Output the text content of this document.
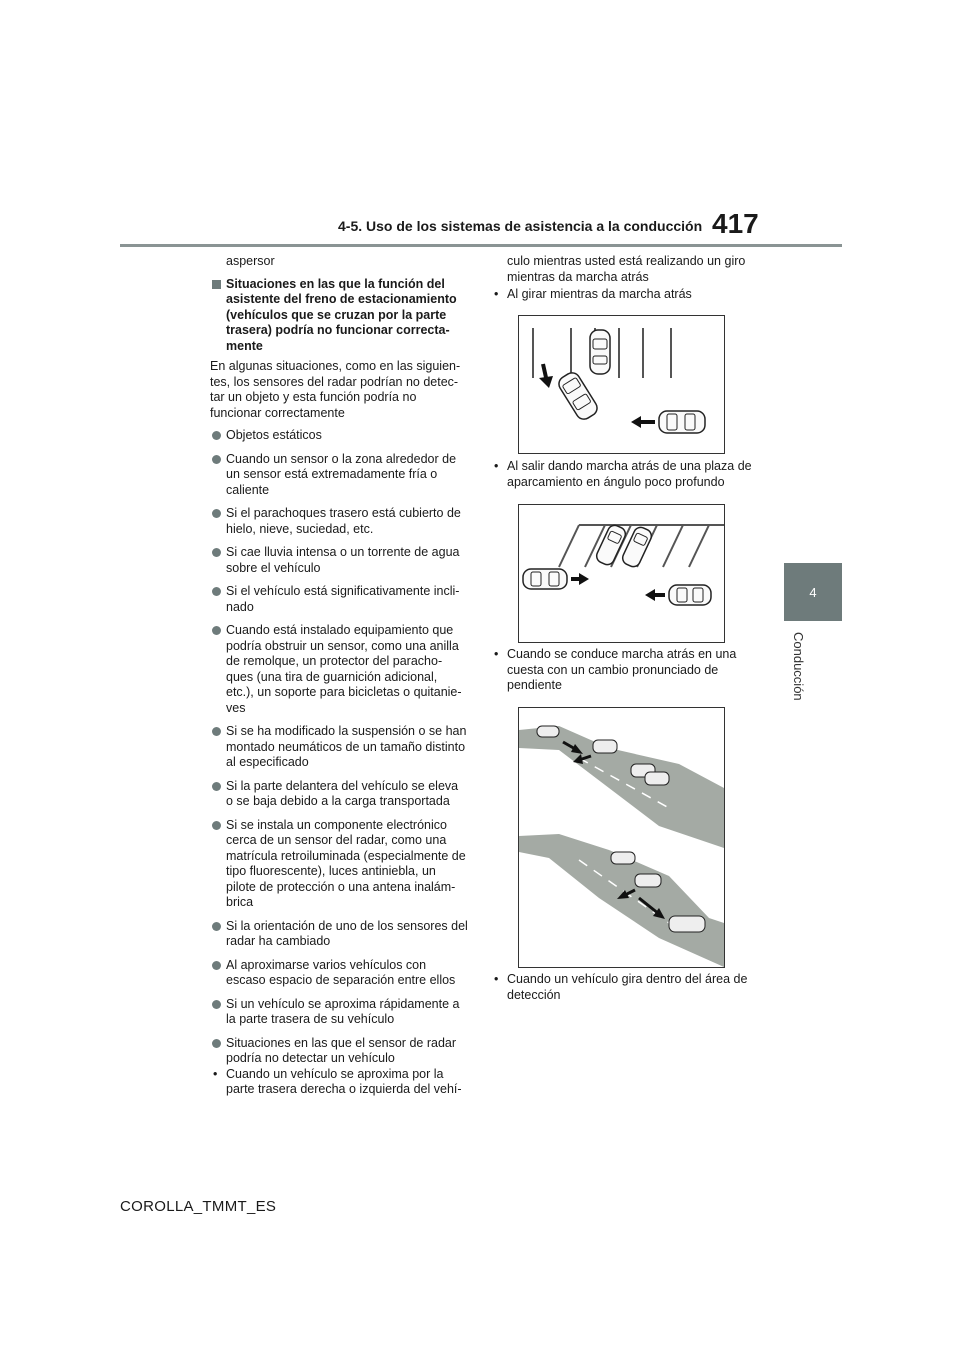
4-5. Uso de los sistemas de asistencia a la conducción 417
4
Conducción

aspersor

Situaciones en las que la función del asistente del freno de estacionamiento (vehículos que se cruzan por la parte trasera) podría no funcionar correcta-mente

En algunas situaciones, como en las siguien-tes, los sensores del radar podrían no detec-tar un objeto y esta función podría no funcionar correctamente

Objetos estáticos
Cuando un sensor o la zona alrededor de un sensor está extremadamente fría o caliente
Si el parachoques trasero está cubierto de hielo, nieve, suciedad, etc.
Si cae lluvia intensa o un torrente de agua sobre el vehículo
Si el vehículo está significativamente incli-nado
Cuando está instalado equipamiento que podría obstruir un sensor, como una anilla de remolque, un protector del paracho-ques (una tira de guarnición adicional, etc.), un soporte para bicicletas o quitanie-ves
Si se ha modificado la suspensión o se han montado neumáticos de un tamaño distinto al especificado
Si la parte delantera del vehículo se eleva o se baja debido a la carga transportada
Si se instala un componente electrónico cerca de un sensor del radar, como una matrícula retroiluminada (especialmente de tipo fluorescente), luces antiniebla, un pilote de protección o una antena inalám-brica
Si la orientación de uno de los sensores del radar ha cambiado
Al aproximarse varios vehículos con escaso espacio de separación entre ellos
Si un vehículo se aproxima rápidamente a la parte trasera de su vehículo
Situaciones en las que el sensor de radar podría no detectar un vehículo
• Cuando un vehículo se aproxima por la parte trasera derecha o izquierda del vehí-

culo mientras usted está realizando un giro mientras da marcha atrás

• Al girar mientras da marcha atrás
• Al salir dando marcha atrás de una plaza de aparcamiento en ángulo poco profundo
• Cuando se conduce marcha atrás en una cuesta con un cambio pronunciado de pendiente
• Cuando un vehículo gira dentro del área de detección
COROLLA_TMMT_ES
